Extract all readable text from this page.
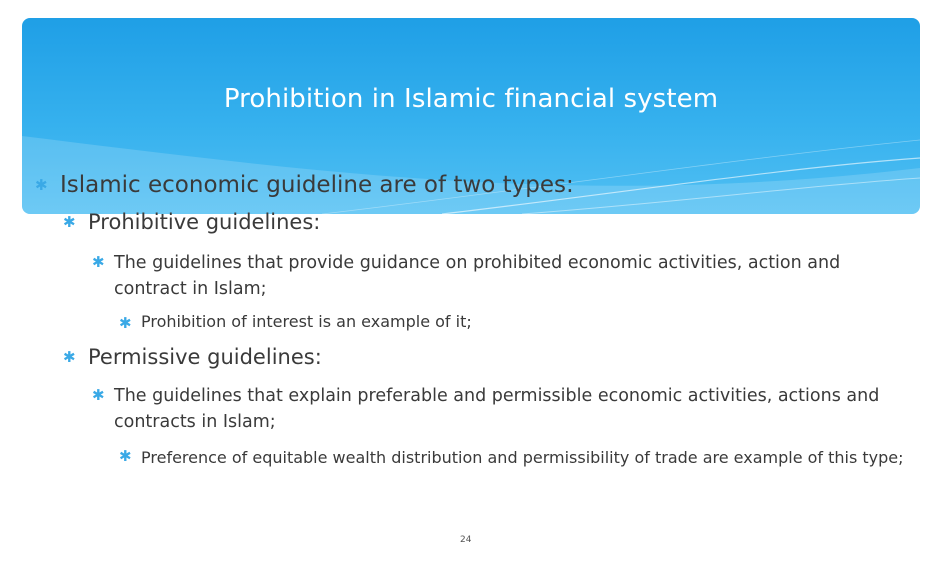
Prohibition in Islamic financial system
✱ Islamic economic guideline are of two types:
✱ Prohibitive guidelines:
✱ The guidelines that provide guidance on prohibited economic activities, action and contract in Islam;
✱ Prohibition of interest is an example of it;
✱ Permissive guidelines:
✱ The guidelines that explain preferable and permissible economic activities, actions and contracts in Islam;
✱ Preference of equitable wealth distribution and permissibility of trade are example of this type;
24
